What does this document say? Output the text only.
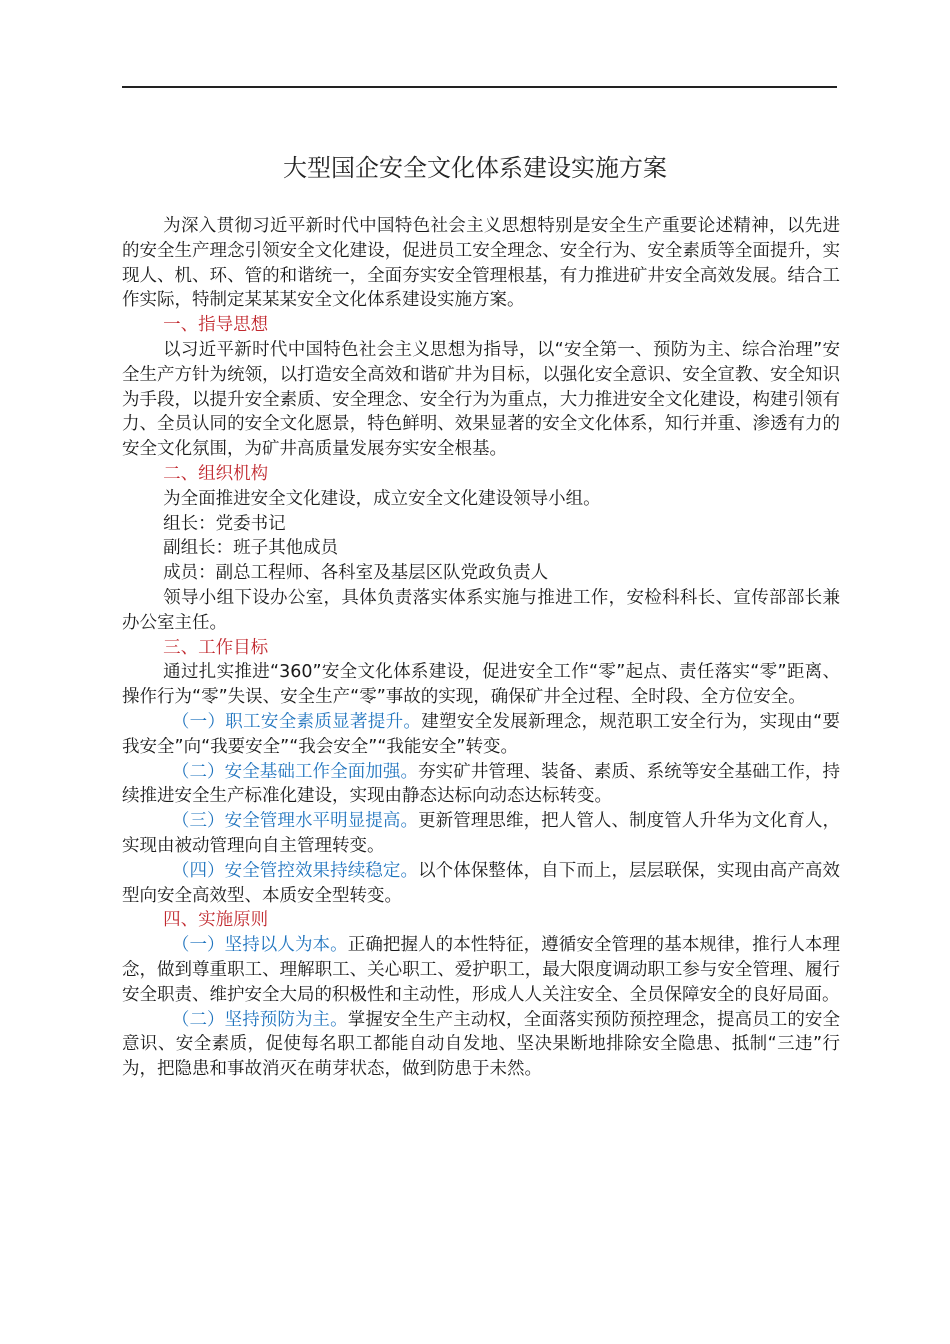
大型国企安全文化体系建设实施方案

为深入贯彻习近平新时代中国特色社会主义思想特别是安全生产重要论述精神，以先进的安全生产理念引领安全文化建设，促进员工安全理念、安全行为、安全素质等全面提升，实现人、机、环、管的和谐统一，全面夯实安全管理根基，有力推进矿井安全高效发展。结合工作实际，特制定某某某安全文化体系建设实施方案。

一、指导思想

以习近平新时代中国特色社会主义思想为指导，以“安全第一、预防为主、综合治理”安全生产方针为统领，以打造安全高效和谐矿井为目标，以强化安全意识、安全宣教、安全知识为手段，以提升安全素质、安全理念、安全行为为重点，大力推进安全文化建设，构建引领有力、全员认同的安全文化愿景，特色鲜明、效果显著的安全文化体系，知行并重、渗透有力的安全文化氛围，为矿井高质量发展夯实安全根基。

二、组织机构

为全面推进安全文化建设，成立安全文化建设领导小组。

组长：党委书记

副组长：班子其他成员

成员：副总工程师、各科室及基层区队党政负责人

领导小组下设办公室，具体负责落实体系实施与推进工作，安检科科长、宣传部部长兼办公室主任。

三、工作目标

通过扎实推进“360”安全文化体系建设，促进安全工作“零”起点、责任落实“零”距离、操作行为“零”失误、安全生产“零”事故的实现，确保矿井全过程、全时段、全方位安全。

（一）职工安全素质显著提升。建塑安全发展新理念，规范职工安全行为，实现由“要我安全”向“我要安全”“我会安全”“我能安全”转变。

（二）安全基础工作全面加强。夯实矿井管理、装备、素质、系统等安全基础工作，持续推进安全生产标准化建设，实现由静态达标向动态达标转变。

（三）安全管理水平明显提高。更新管理思维，把人管人、制度管人升华为文化育人，实现由被动管理向自主管理转变。

（四）安全管控效果持续稳定。以个体保整体，自下而上，层层联保，实现由高产高效型向安全高效型、本质安全型转变。

四、实施原则

（一）坚持以人为本。正确把握人的本性特征，遵循安全管理的基本规律，推行人本理念，做到尊重职工、理解职工、关心职工、爱护职工，最大限度调动职工参与安全管理、履行安全职责、维护安全大局的积极性和主动性，形成人人关注安全、全员保障安全的良好局面。

（二）坚持预防为主。掌握安全生产主动权，全面落实预防预控理念，提高员工的安全意识、安全素质，促使每名职工都能自动自发地、坚决果断地排除安全隐患、抵制“三违”行为，把隐患和事故消灭在萌芽状态，做到防患于未然。
